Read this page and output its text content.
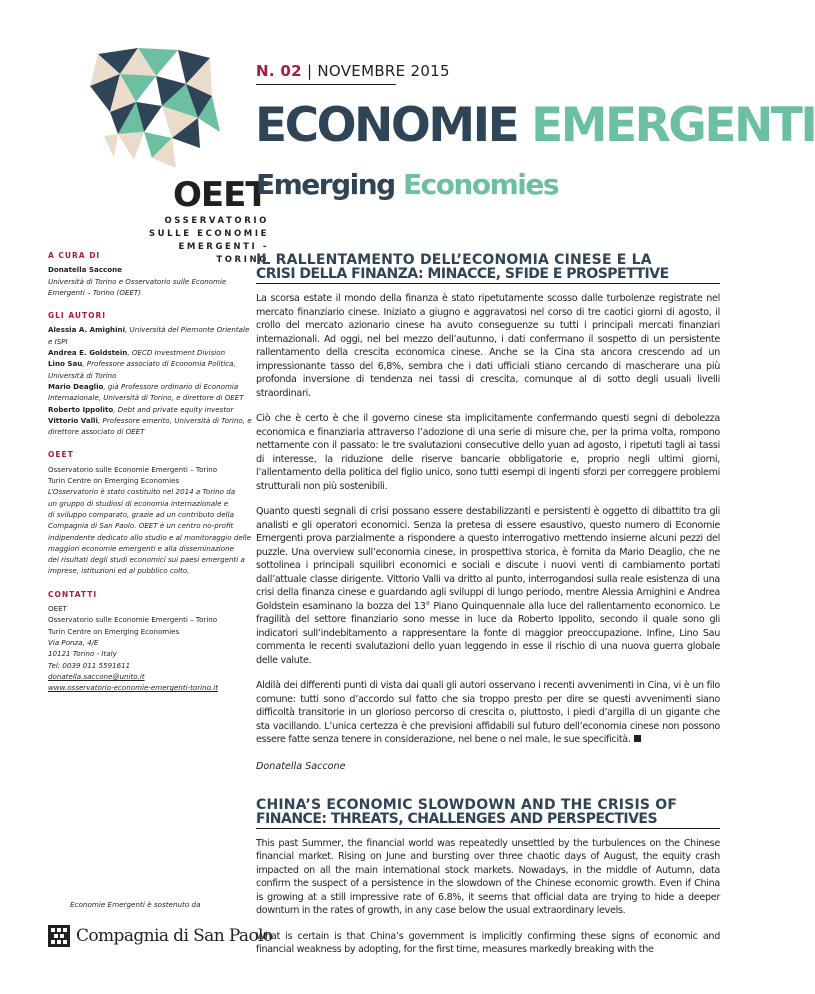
OEET
OSSERVATORIO
SULLE ECONOMIE
EMERGENTI - TORINO
N. 02 | NOVEMBRE 2015
ECONOMIE EMERGENTI
Emerging Economies
A CURA DI
Donatella Saccone
Università di Torino e Osservatorio sulle Economie
Emergenti – Torino (OEET)
GLI AUTORI
Alessia A. Amighini, Università del Piemonte Orientale
e ISPI
Andrea E. Goldstein, OECD Investment Division
Lino Sau, Professore associato di Economia Politica,
Università di Torino
Mario Deaglio, già Professore ordinario di Economia
Internazionale, Università di Torino, e direttore di OEET
Roberto Ippolito, Debt and private equity investor
Vittorio Valli, Professore emerito, Università di Torino, e
direttore associato di OEET
OEET
Osservatorio sulle Economie Emergenti – Torino
Turin Centre on Emerging Economies
L’Osservatorio è stato costituito nel 2014 a Torino da
un gruppo di studiosi di economia internazionale e
di sviluppo comparato, grazie ad un contributo della
Compagnia di San Paolo. OEET è un centro no-profit
indipendente dedicato allo studio e al monitoraggio delle
maggiori economie emergenti e alla disseminazione
dei risultati degli studi economici sui paesi emergenti a
imprese, istituzioni ed al pubblico colto.
CONTATTI
OEET
Osservatorio sulle Economie Emergenti – Torino
Turin Centre on Emerging Economies
Via Ponza, 4/E
10121 Torino - Italy
Tel: 0039 011 5591611
donatella.saccone@unito.it
www.osservatorio-economie-emergenti-torino.it
Economie Emergenti è sostenuto da
Compagnia di San Paolo
IL RALLENTAMENTO DELL’ECONOMIA CINESE E LA
CRISI DELLA FINANZA: MINACCE, SFIDE E PROSPETTIVE

La scorsa estate il mondo della finanza è stato ripetutamente scosso dalle turbolenze registrate nel mercato finanziario cinese. Iniziato a giugno e aggravatosi nel corso di tre caotici giorni di agosto, il crollo del mercato azionario cinese ha avuto conseguenze su tutti i principali mercati finanziari internazionali. Ad oggi, nel bel mezzo dell’autunno, i dati confermano il sospetto di un persistente rallentamento della crescita economica cinese. Anche se la Cina sta ancora crescendo ad un impressionante tasso del 6,8%, sembra che i dati ufficiali stiano cercando di mascherare una più profonda inversione di tendenza nei tassi di crescita, comunque al di sotto degli usuali livelli straordinari.

Ciò che è certo è che il governo cinese sta implicitamente confermando questi segni di debolezza economica e finanziaria attraverso l’adozione di una serie di misure che, per la prima volta, rompono nettamente con il passato: le tre svalutazioni consecutive dello yuan ad agosto, i ripetuti tagli ai tassi di interesse, la riduzione delle riserve bancarie obbligatorie e, proprio negli ultimi giorni, l’allentamento della politica del figlio unico, sono tutti esempi di ingenti sforzi per correggere problemi strutturali non più sostenibili.

Quanto questi segnali di crisi possano essere destabilizzanti e persistenti è oggetto di dibattito tra gli analisti e gli operatori economici. Senza la pretesa di essere esaustivo, questo numero di Economie Emergenti prova parzialmente a rispondere a questo interrogativo mettendo insieme alcuni pezzi del puzzle. Una overview sull’economia cinese, in prospettiva storica, è fornita da Mario Deaglio, che ne sottolinea i principali squilibri economici e sociali e discute i nuovi venti di cambiamento portati dall’attuale classe dirigente. Vittorio Valli va dritto al punto, interrogandosi sulla reale esistenza di una crisi della finanza cinese e guardando agli sviluppi di lungo periodo, mentre Alessia Amighini e Andrea Goldstein esaminano la bozza del 13° Piano Quinquennale alla luce del rallentamento economico. Le fragilità del settore finanziario sono messe in luce da Roberto Ippolito, secondo il quale sono gli indicatori sull’indebitamento a rappresentare la fonte di maggior preoccupazione. Infine, Lino Sau commenta le recenti svalutazioni dello yuan leggendo in esse il rischio di una nuova guerra globale delle valute.

Aldilà dei differenti punti di vista dai quali gli autori osservano i recenti avvenimenti in Cina, vi è un filo comune: tutti sono d’accordo sul fatto che sia troppo presto per dire se questi avvenimenti siano difficoltà transitorie in un glorioso percorso di crescita o, piuttosto, i piedi d’argilla di un gigante che sta vacillando. L’unica certezza è che previsioni affidabili sul futuro dell’economia cinese non possono essere fatte senza tenere in considerazione, nel bene o nel male, le sue specificità.

Donatella Saccone
CHINA’S ECONOMIC SLOWDOWN AND THE CRISIS OF
FINANCE: THREATS, CHALLENGES AND PERSPECTIVES

This past Summer, the financial world was repeatedly unsettled by the turbulences on the Chinese financial market. Rising on June and bursting over three chaotic days of August, the equity crash impacted on all the main international stock markets. Nowadays, in the middle of Autumn, data confirm the suspect of a persistence in the slowdown of the Chinese economic growth. Even if China is growing at a still impressive rate of 6.8%, it seems that official data are trying to hide a deeper downturn in the rates of growth, in any case below the usual extraordinary levels.

What is certain is that China’s government is implicitly confirming these signs of economic and financial weakness by adopting, for the first time, measures markedly breaking with the
